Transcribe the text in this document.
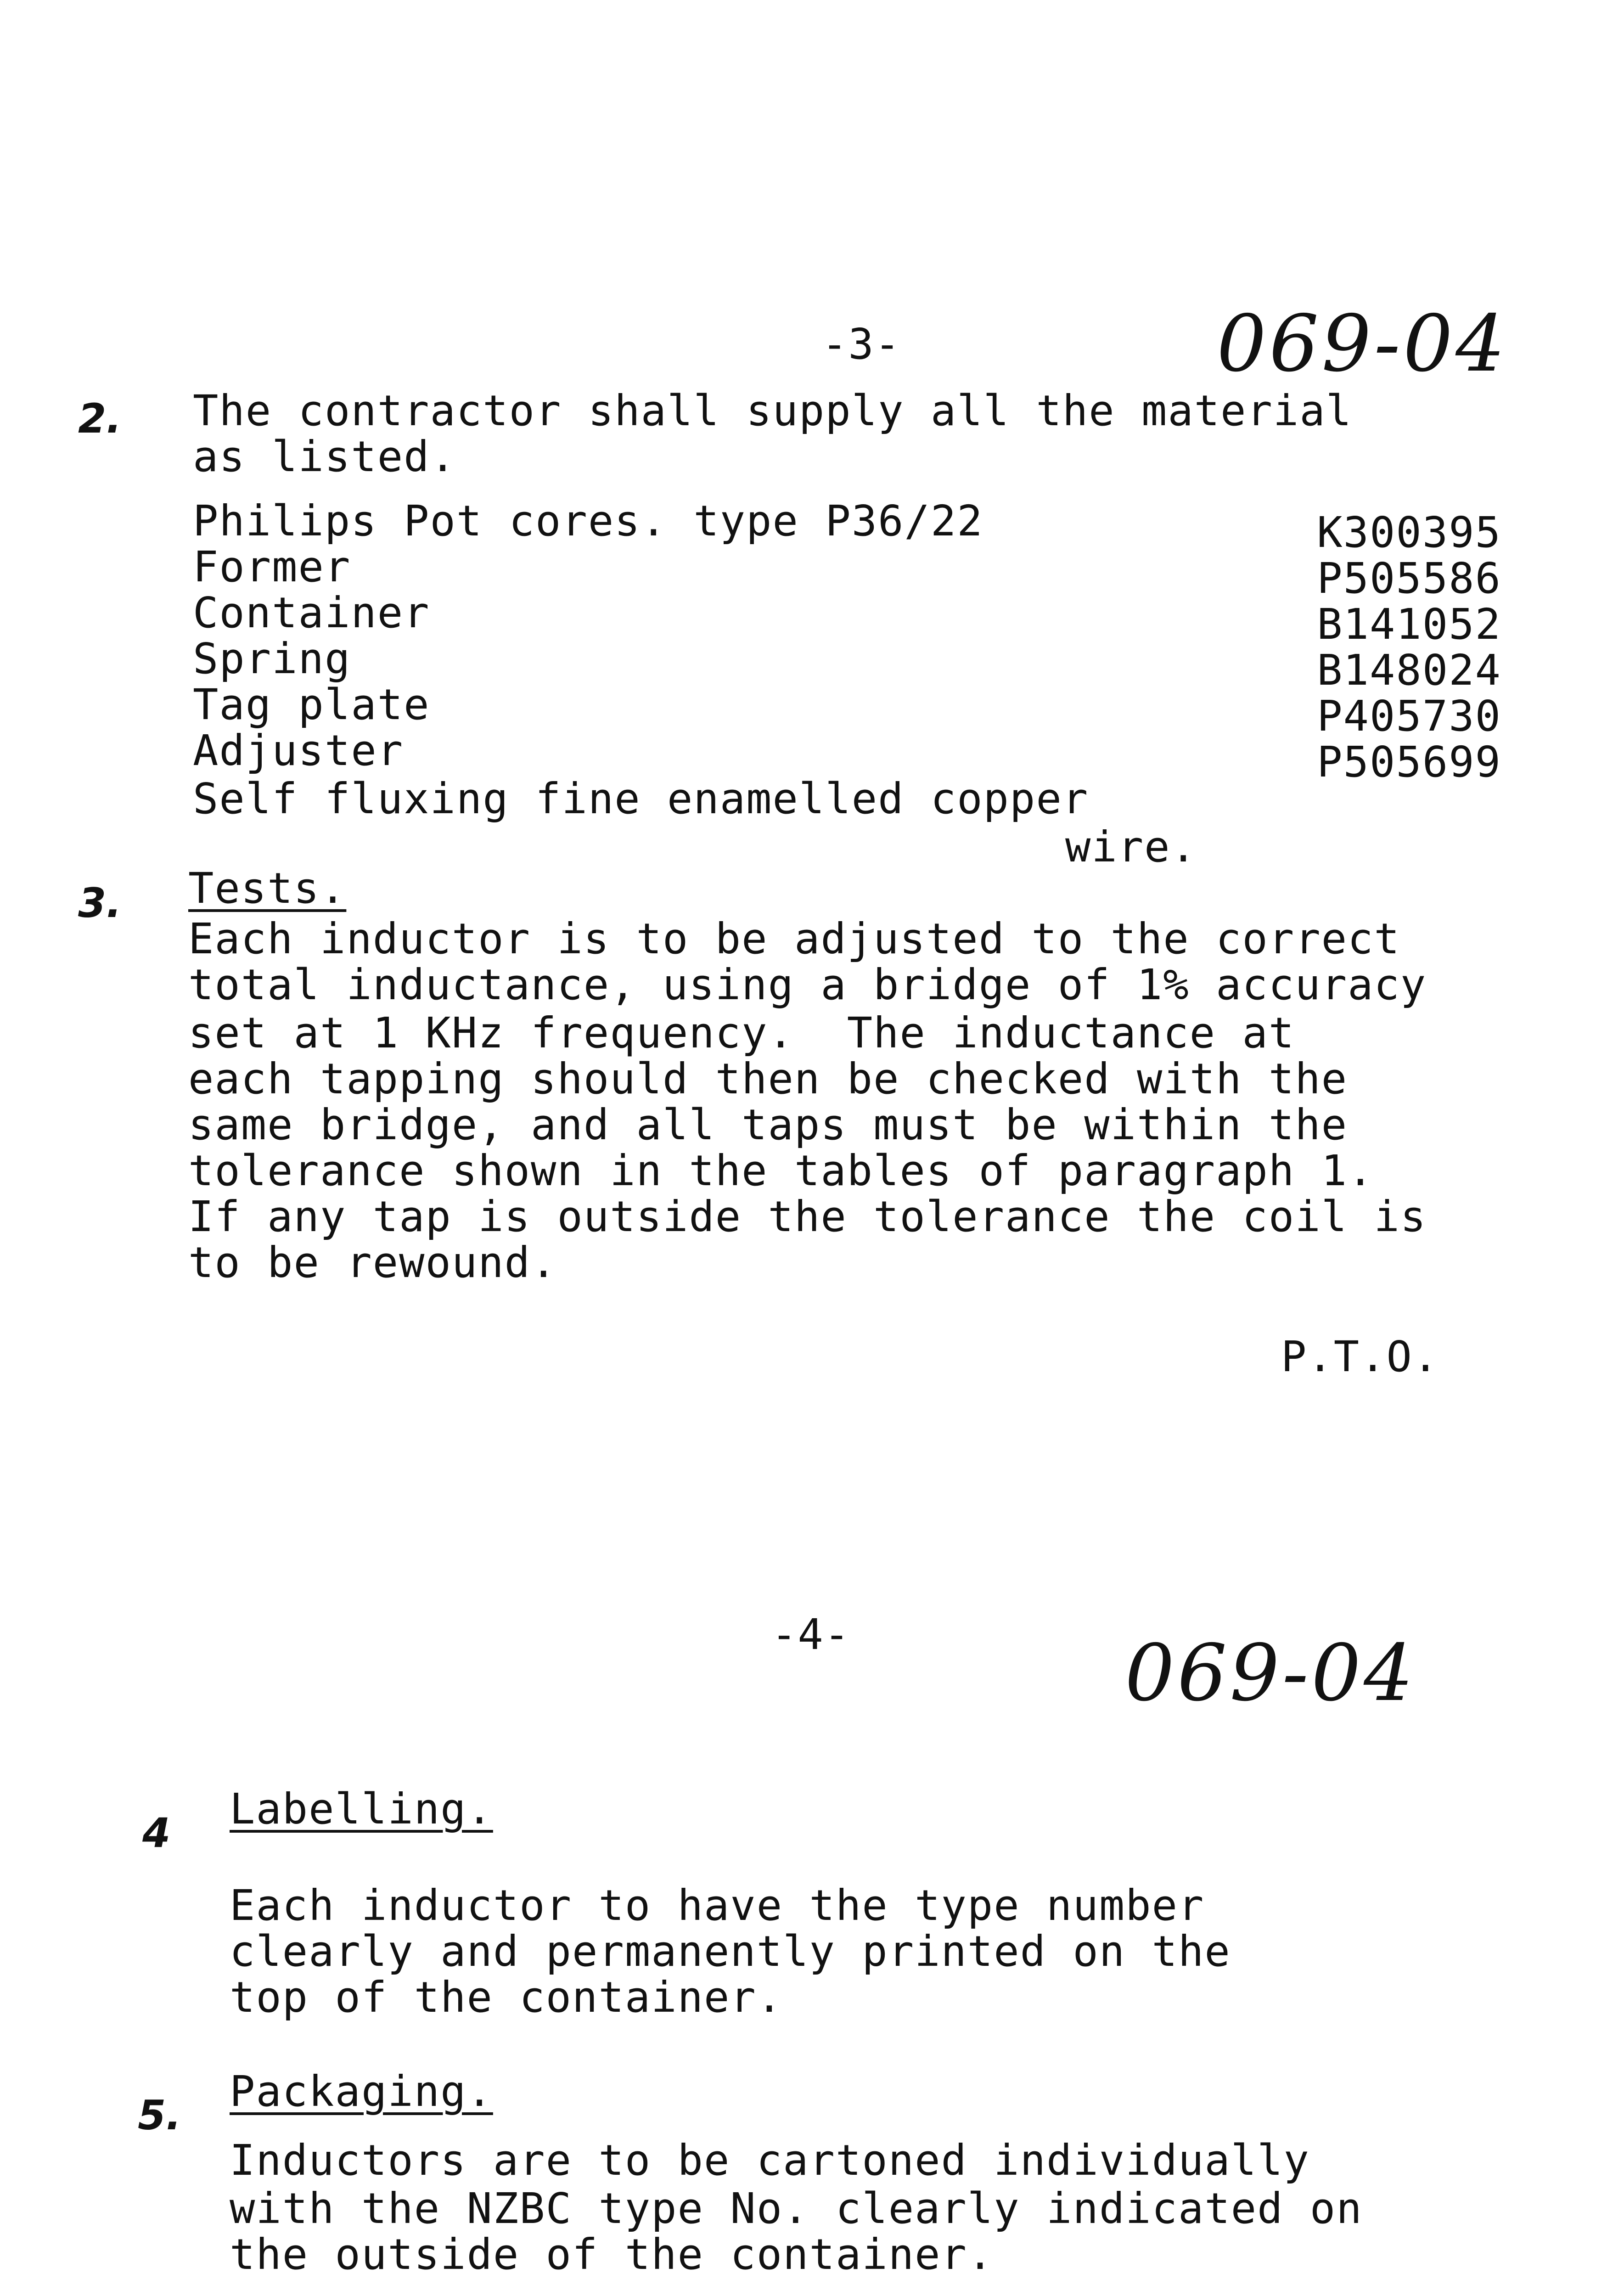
-3-	069-04
2. The contractor shall supply all the material
as listed.
Philips Pot cores. type P36/22	K300395
Former	P505586
Container	B141052
Spring	B148024
Tag plate	P405730
Adjuster	P505699
Self fluxing fine enamelled copper
wire.
3. Tests.
Each inductor is to be adjusted to the correct
total inductance, using a bridge of 1% accuracy
set at 1 KHz frequency.  The inductance at
each tapping should then be checked with the
same bridge, and all taps must be within the
tolerance shown in the tables of paragraph 1.
If any tap is outside the tolerance the coil is
to be rewound.
P.T.O.
-4-	069-04
4 Labelling.
Each inductor to have the type number
clearly and permanently printed on the
top of the container.
5. Packaging.
Inductors are to be cartoned individually
with the NZBC type No. clearly indicated on
the outside of the container.
